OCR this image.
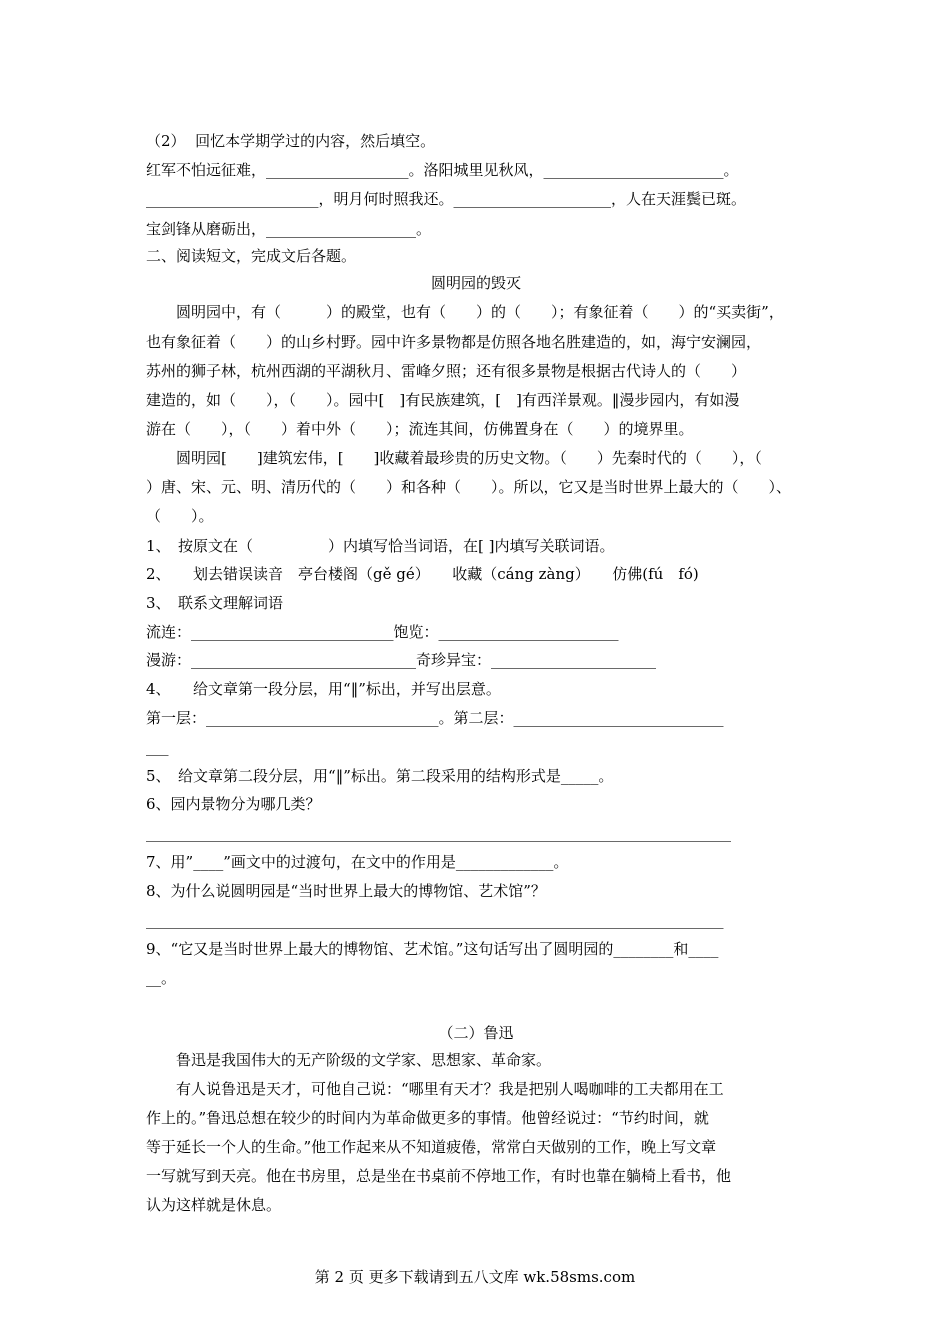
（2）  回忆本学期学过的内容，然后填空。
红军不怕远征难，___________________。洛阳城里见秋风，________________________。
_______________________，明月何时照我还。_____________________，人在天涯鬓已斑。
宝剑锋从磨砺出，____________________。
二、阅读短文，完成文后各题。
圆明园的毁灭
　　圆明园中，有（　　　）的殿堂，也有（　　）的（　　）；有象征着（　　）的“买卖街”，
也有象征着（　　）的山乡村野。园中许多景物都是仿照各地名胜建造的，如，海宁安澜园，
苏州的狮子林，杭州西湖的平湖秋月、雷峰夕照；还有很多景物是根据古代诗人的（　　）
建造的，如（　　），（　　）。园中[　]有民族建筑，[　]有西洋景观。‖漫步园内，有如漫
游在（　　），（　　）着中外（　　）；流连其间，仿佛置身在（　　）的境界里。
　　圆明园[　　]建筑宏伟，[　　]收藏着最珍贵的历史文物。（　　）先秦时代的（　　），（
）唐、宋、元、明、清历代的（　　）和各种（　　）。所以，它又是当时世界上最大的（　　）、
（　　）。
1、　按原文在（　　　　　）内填写恰当词语，在[ ]内填写关联词语。
2、　　划去错误读音　亭台楼阁（gě gé）　　收藏（cáng zàng）　　仿佛(fú　fó)
3、　联系文理解词语
流连：___________________________饱览：________________________
漫游：______________________________奇珍异宝：______________________
4、　　给文章第一段分层，用“‖”标出，并写出层意。
第一层：_______________________________。第二层：____________________________
___
5、　给文章第二段分层，用“‖”标出。第二段采用的结构形式是_____。
6、园内景物分为哪几类？
______________________________________________________________________________
7、用”____”画文中的过渡句，在文中的作用是_____________。
8、为什么说圆明园是“当时世界上最大的博物馆、艺术馆”？
_____________________________________________________________________________
9、“它又是当时世界上最大的博物馆、艺术馆。”这句话写出了圆明园的________和____
__。
（二）鲁迅
　　鲁迅是我国伟大的无产阶级的文学家、思想家、革命家。
　　有人说鲁迅是天才，可他自己说：“哪里有天才？我是把别人喝咖啡的工夫都用在工
作上的。”鲁迅总想在较少的时间内为革命做更多的事情。他曾经说过：“节约时间，就
等于延长一个人的生命。”他工作起来从不知道疲倦，常常白天做别的工作，晚上写文章
一写就写到天亮。他在书房里，总是坐在书桌前不停地工作，有时也靠在躺椅上看书，他
认为这样就是休息。
第 2 页 更多下载请到五八文库 wk.58sms.com
